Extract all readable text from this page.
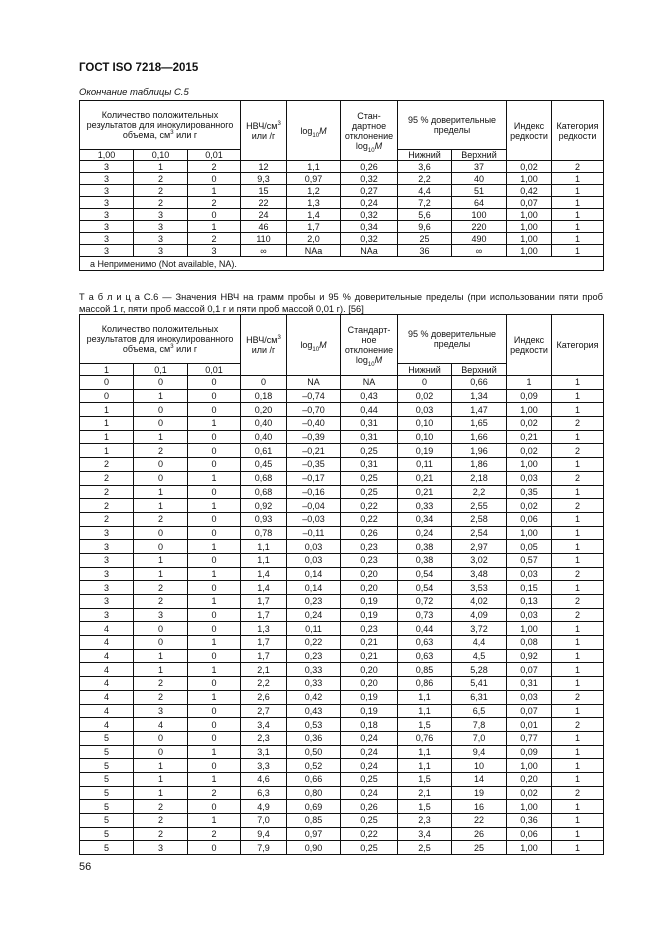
ГОСТ ISO 7218—2015
Окончание таблицы С.5
Количество положительных результатов для инокулированного объема, $см^3$ или г			НВЧ/$см^3$ или /г	$\log_{10}M$	Стан-дартное отклонение $\log_{10}M$	95 % доверительные пределы		Индекс редкости	Категория редкости
1,00	0,10	0,01				Нижний	Верхний		
3	1	2	12	1,1	0,26	3,6	37	0,02	2
3	2	0	9,3	0,97	0,32	2,2	40	1,00	1
3	2	1	15	1,2	0,27	4,4	51	0,42	1
3	2	2	22	1,3	0,24	7,2	64	0,07	1
3	3	0	24	1,4	0,32	5,6	100	1,00	1
3	3	1	46	1,7	0,34	9,6	220	1,00	1
3	3	2	110	2,0	0,32	25	490	1,00	1
3	3	3	∞	NAa	NAa	36	∞	1,00	1
a Неприменимо (Not available, NA).									
Т а б л и ц а С.6 — Значения НВЧ на грамм пробы и 95 % доверительные пределы (при использовании пяти проб массой 1 г, пяти проб массой 0,1 г и пяти проб массой 0,01 г). [56]
Количество положительных результатов для инокулированного объема, $см^3$ или г			НВЧ/$см^3$ или /г	$\log_{10}M$	Стандарт-ное отклонение $\log_{10}M$	95 % доверительные пределы		Индекс редкости	Категория
1	0,1	0,01				Нижний	Верхний		
0	0	0	0	NA	NA	0	0,66	1	1
0	1	0	0,18	–0,74	0,43	0,02	1,34	0,09	1
1	0	0	0,20	–0,70	0,44	0,03	1,47	1,00	1
1	0	1	0,40	–0,40	0,31	0,10	1,65	0,02	2
1	1	0	0,40	–0,39	0,31	0,10	1,66	0,21	1
1	2	0	0,61	–0,21	0,25	0,19	1,96	0,02	2
2	0	0	0,45	–0,35	0,31	0,11	1,86	1,00	1
2	0	1	0,68	–0,17	0,25	0,21	2,18	0,03	2
2	1	0	0,68	–0,16	0,25	0,21	2,2	0,35	1
2	1	1	0,92	–0,04	0,22	0,33	2,55	0,02	2
2	2	0	0,93	–0,03	0,22	0,34	2,58	0,06	1
3	0	0	0,78	–0,11	0,26	0,24	2,54	1,00	1
3	0	1	1,1	0,03	0,23	0,38	2,97	0,05	1
3	1	0	1,1	0,03	0,23	0,38	3,02	0,57	1
3	1	1	1,4	0,14	0,20	0,54	3,48	0,03	2
3	2	0	1,4	0,14	0,20	0,54	3,53	0,15	1
3	2	1	1,7	0,23	0,19	0,72	4,02	0,13	2
3	3	0	1,7	0,24	0,19	0,73	4,09	0,03	2
4	0	0	1,3	0,11	0,23	0,44	3,72	1,00	1
4	0	1	1,7	0,22	0,21	0,63	4,4	0,08	1
4	1	0	1,7	0,23	0,21	0,63	4,5	0,92	1
4	1	1	2,1	0,33	0,20	0,85	5,28	0,07	1
4	2	0	2,2	0,33	0,20	0,86	5,41	0,31	1
4	2	1	2,6	0,42	0,19	1,1	6,31	0,03	2
4	3	0	2,7	0,43	0,19	1,1	6,5	0,07	1
4	4	0	3,4	0,53	0,18	1,5	7,8	0,01	2
5	0	0	2,3	0,36	0,24	0,76	7,0	0,77	1
5	0	1	3,1	0,50	0,24	1,1	9,4	0,09	1
5	1	0	3,3	0,52	0,24	1,1	10	1,00	1
5	1	1	4,6	0,66	0,25	1,5	14	0,20	1
5	1	2	6,3	0,80	0,24	2,1	19	0,02	2
5	2	0	4,9	0,69	0,26	1,5	16	1,00	1
5	2	1	7,0	0,85	0,25	2,3	22	0,36	1
5	2	2	9,4	0,97	0,22	3,4	26	0,06	1
5	3	0	7,9	0,90	0,25	2,5	25	1,00	1
56
